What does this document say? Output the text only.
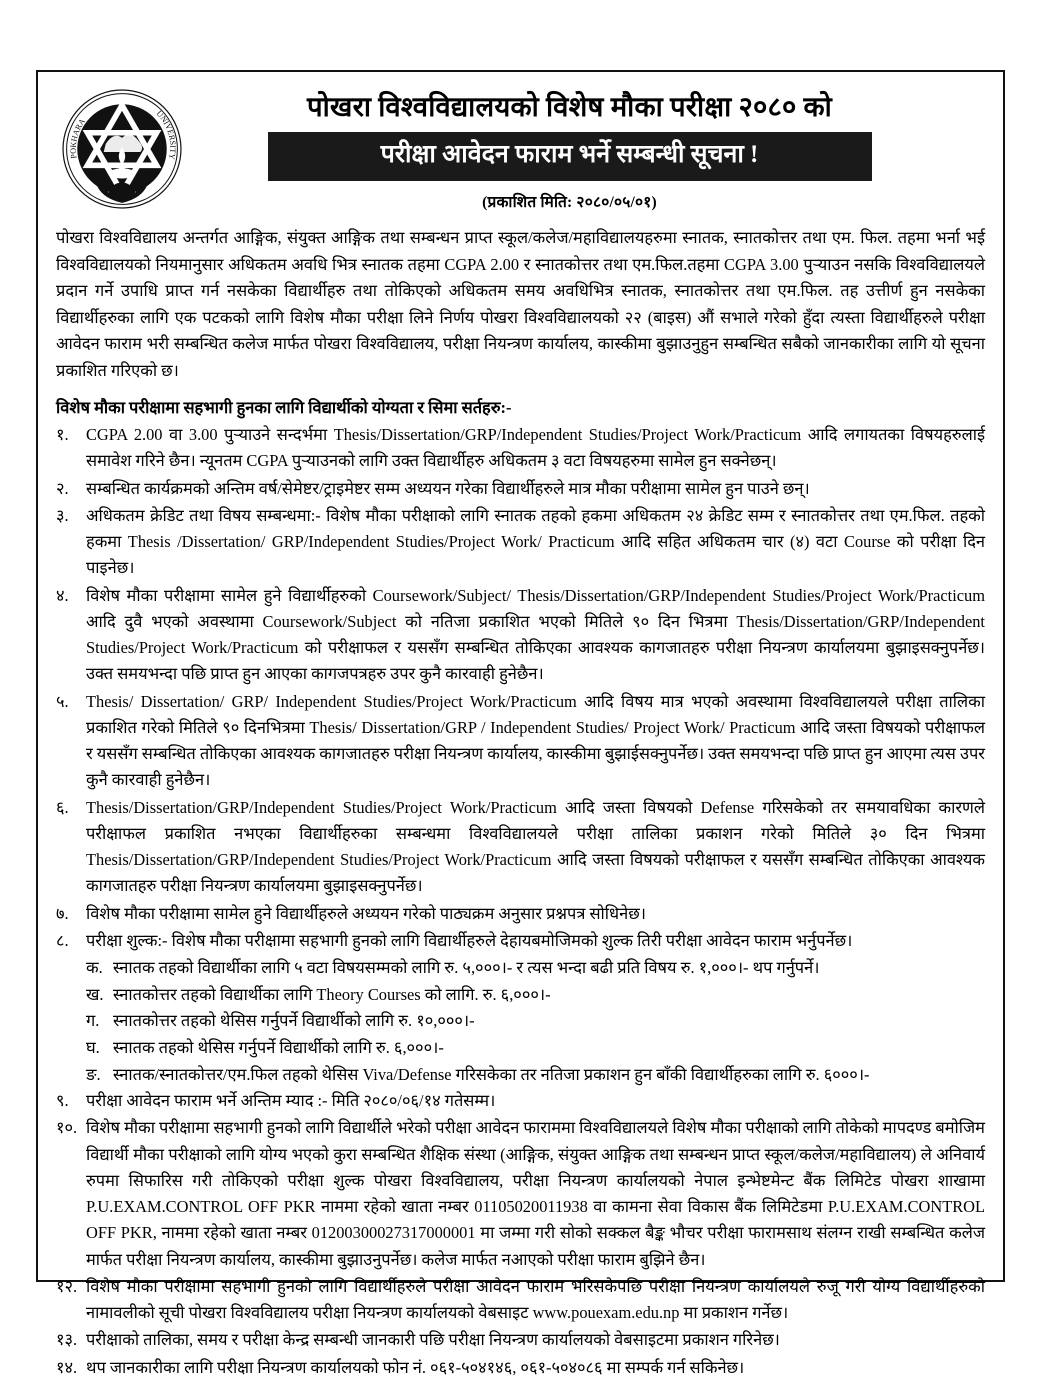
UNIVERSITY
POKHARA	पोखरा विश्वविद्यालयको विशेष मौका परीक्षा २०८० को
परीक्षा आवेदन फाराम भर्ने सम्बन्धी सूचना !
(प्रकाशित मिति: २०८०/०५/०१)
पोखरा विश्वविद्यालय अन्तर्गत आङ्गिक, संयुक्त आङ्गिक तथा सम्बन्धन प्राप्त स्कूल/कलेज/महाविद्यालयहरुमा स्नातक, स्नातकोत्तर तथा एम. फिल. तहमा भर्ना भई विश्वविद्यालयको नियमानुसार अधिकतम अवधि भित्र स्नातक तहमा CGPA 2.00 र स्नातकोत्तर तथा एम.फिल.तहमा CGPA 3.00 पुऱ्याउन नसकि विश्वविद्यालयले प्रदान गर्ने उपाधि प्राप्त गर्न नसकेका विद्यार्थीहरु तथा तोकिएको अधिकतम समय अवधिभित्र स्नातक, स्नातकोत्तर तथा एम.फिल. तह उत्तीर्ण हुन नसकेका विद्यार्थीहरुका लागि एक पटकको लागि विशेष मौका परीक्षा लिने निर्णय पोखरा विश्वविद्यालयको २२ (बाइस) औं सभाले गरेको हुँदा त्यस्ता विद्यार्थीहरुले परीक्षा आवेदन फाराम भरी सम्बन्धित कलेज मार्फत पोखरा विश्वविद्यालय, परीक्षा नियन्त्रण कार्यालय, कास्कीमा बुझाउनुहुन सम्बन्धित सबैको जानकारीका लागि यो सूचना प्रकाशित गरिएको छ।
विशेष मौका परीक्षामा सहभागी हुनका लागि विद्यार्थीको योग्यता र सिमा सर्तहरु:-
१.	CGPA 2.00 वा 3.00 पुऱ्याउने सन्दर्भमा Thesis/Dissertation/GRP/Independent Studies/Project Work/Practicum आदि लगायतका विषयहरुलाई समावेश गरिने छैन। न्यूनतम CGPA पुऱ्याउनको लागि उक्त विद्यार्थीहरु अधिकतम ३ वटा विषयहरुमा सामेल हुन सक्नेछन्।
२.	सम्बन्धित कार्यक्रमको अन्तिम वर्ष/सेमेष्टर/ट्राइमेष्टर सम्म अध्ययन गरेका विद्यार्थीहरुले मात्र मौका परीक्षामा सामेल हुन पाउने छन्।
३.	अधिकतम क्रेडिट तथा विषय सम्बन्धमा:- विशेष मौका परीक्षाको लागि स्नातक तहको हकमा अधिकतम २४ क्रेडिट सम्म र स्नातकोत्तर तथा एम.फिल. तहको हकमा Thesis /Dissertation/ GRP/Independent Studies/Project Work/ Practicum आदि सहित अधिकतम चार (४) वटा Course को परीक्षा दिन पाइनेछ।
४.	विशेष मौका परीक्षामा सामेल हुने विद्यार्थीहरुको Coursework/Subject/ Thesis/Dissertation/GRP/Independent Studies/Project Work/Practicum आदि दुवै भएको अवस्थामा Coursework/Subject को नतिजा प्रकाशित भएको मितिले ९० दिन भित्रमा Thesis/Dissertation/GRP/Independent Studies/Project Work/Practicum को परीक्षाफल र यससँग सम्बन्धित तोकिएका आवश्यक कागजातहरु परीक्षा नियन्त्रण कार्यालयमा बुझाइसक्नुपर्नेछ। उक्त समयभन्दा पछि प्राप्त हुन आएका कागजपत्रहरु उपर कुनै कारवाही हुनेछैन।
५.	Thesis/ Dissertation/ GRP/ Independent Studies/Project Work/Practicum आदि विषय मात्र भएको अवस्थामा विश्वविद्यालयले परीक्षा तालिका प्रकाशित गरेको मितिले ९० दिनभित्रमा Thesis/ Dissertation/GRP / Independent Studies/ Project Work/ Practicum आदि जस्ता विषयको परीक्षाफल र यससँग सम्बन्धित तोकिएका आवश्यक कागजातहरु परीक्षा नियन्त्रण कार्यालय, कास्कीमा बुझाईसक्नुपर्नेछ। उक्त समयभन्दा पछि प्राप्त हुन आएमा त्यस उपर कुनै कारवाही हुनेछैन।
६.	Thesis/Dissertation/GRP/Independent Studies/Project Work/Practicum आदि जस्ता विषयको Defense गरिसकेको तर समयावधिका कारणले परीक्षाफल प्रकाशित नभएका विद्यार्थीहरुका सम्बन्धमा विश्वविद्यालयले परीक्षा तालिका प्रकाशन गरेको मितिले ३० दिन भित्रमा Thesis/Dissertation/GRP/Independent Studies/Project Work/Practicum आदि जस्ता विषयको परीक्षाफल र यससँग सम्बन्धित तोकिएका आवश्यक कागजातहरु परीक्षा नियन्त्रण कार्यालयमा बुझाइसक्नुपर्नेछ।
७.	विशेष मौका परीक्षामा सामेल हुने विद्यार्थीहरुले अध्ययन गरेको पाठ्यक्रम अनुसार प्रश्नपत्र सोधिनेछ।
८.	परीक्षा शुल्क:- विशेष मौका परीक्षामा सहभागी हुनको लागि विद्यार्थीहरुले देहायबमोजिमको शुल्क तिरी परीक्षा आवेदन फाराम भर्नुपर्नेछ।
क. स्नातक तहको विद्यार्थीका लागि ५ वटा विषयसम्मको लागि रु. ५,०००।- र त्यस भन्दा बढी प्रति विषय रु. १,०००।- थप गर्नुपर्ने।
ख. स्नातकोत्तर तहको विद्यार्थीका लागि Theory Courses को लागि. रु. ६,०००।-
ग. स्नातकोत्तर तहको थेसिस गर्नुपर्ने विद्यार्थीको लागि रु. १०,०००।-
घ. स्नातक तहको थेसिस गर्नुपर्ने विद्यार्थीको लागि रु. ६,०००।-
ङ. स्नातक/स्नातकोत्तर/एम.फिल तहको थेसिस Viva/Defense गरिसकेका तर नतिजा प्रकाशन हुन बाँकी विद्यार्थीहरुका लागि रु. ६०००।-
९.	परीक्षा आवेदन फाराम भर्ने अन्तिम म्याद :- मिति २०८०/०६/१४ गतेसम्म।
१०. विशेष मौका परीक्षामा सहभागी हुनको लागि विद्यार्थीले भरेको परीक्षा आवेदन फाराममा विश्वविद्यालयले विशेष मौका परीक्षाको लागि तोकेको मापदण्ड बमोजिम विद्यार्थी मौका परीक्षाको लागि योग्य भएको कुरा सम्बन्धित शैक्षिक संस्था (आङ्गिक, संयुक्त आङ्गिक तथा सम्बन्धन प्राप्त स्कूल/कलेज/महाविद्यालय) ले अनिवार्य रुपमा सिफारिस गरी तोकिएको परीक्षा शुल्क पोखरा विश्वविद्यालय, परीक्षा नियन्त्रण कार्यालयको नेपाल इन्भेष्टमेन्ट बैंक लिमिटेड पोखरा शाखामा P.U.EXAM.CONTROL OFF PKR नाममा रहेको खाता नम्बर 01105020011938 वा कामना सेवा विकास बैंक लिमिटेडमा P.U.EXAM.CONTROL OFF PKR, नाममा रहेको खाता नम्बर 01200300027317000001 मा जम्मा गरी सोको सक्कल बैङ्क भौचर परीक्षा फारामसाथ संलग्न राखी सम्बन्धित कलेज मार्फत परीक्षा नियन्त्रण कार्यालय, कास्कीमा बुझाउनुपर्नेछ। कलेज मार्फत नआएको परीक्षा फाराम बुझिने छैन।
१२. विशेष मौका परीक्षामा सहभागी हुनको लागि विद्यार्थीहरुले परीक्षा आवेदन फाराम भरिसकेपछि परीक्षा नियन्त्रण कार्यालयले रुजू गरी योग्य विद्यार्थीहरुको नामावलीको सूची पोखरा विश्वविद्यालय परीक्षा नियन्त्रण कार्यालयको वेबसाइट www.pouexam.edu.np मा प्रकाशन गर्नेछ।
१३. परीक्षाको तालिका, समय र परीक्षा केन्द्र सम्बन्धी जानकारी पछि परीक्षा नियन्त्रण कार्यालयको वेबसाइटमा प्रकाशन गरिनेछ।
१४. थप जानकारीका लागि परीक्षा नियन्त्रण कार्यालयको फोन नं. ०६१-५०४१४६, ०६१-५०४०८६ मा सम्पर्क गर्न सकिनेछ।
